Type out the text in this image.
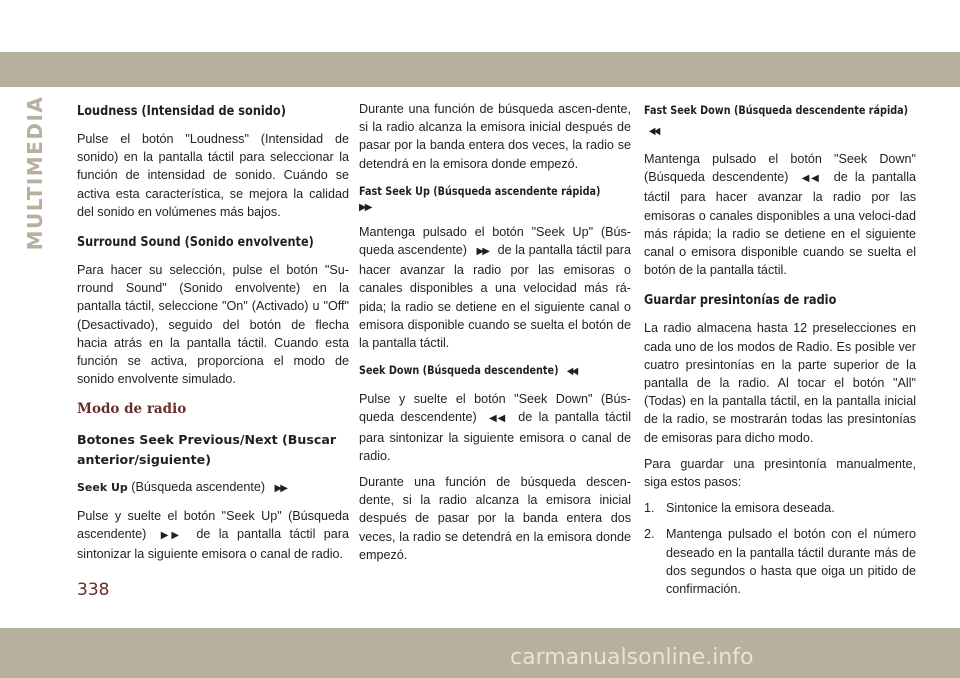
MULTIMEDIA Loudness (Intensidad de sonido)

Pulse el botón "Loudness" (Intensidad de sonido) en la pantalla táctil para seleccionar la función de intensidad de sonido. Cuándo se activa esta característica, se mejora la calidad del sonido en volúmenes más bajos.

Surround Sound (Sonido envolvente)

Para hacer su selección, pulse el botón "Su-rround Sound" (Sonido envolvente) en la pantalla táctil, seleccione "On" (Activado) u "Off" (Desactivado), seguido del botón de flecha hacia atrás en la pantalla táctil. Cuando esta función se activa, proporciona el modo de sonido envolvente simulado.

Modo de radio
Botones Seek Previous/Next (Buscar anterior/siguiente)

Seek Up (Búsqueda ascendente) ▶▶

Pulse y suelte el botón "Seek Up" (Búsqueda ascendente) ▶▶ de la pantalla táctil para sintonizar la siguiente emisora o canal de radio.

Durante una función de búsqueda ascen-dente, si la radio alcanza la emisora inicial después de pasar por la banda entera dos veces, la radio se detendrá en la emisora donde empezó.

Fast Seek Up (Búsqueda ascendente rápida)
▶▶

Mantenga pulsado el botón "Seek Up" (Bús-queda ascendente) ▶▶ de la pantalla táctil para hacer avanzar la radio por las emisoras o canales disponibles a una velocidad más rá-pida; la radio se detiene en el siguiente canal o emisora disponible cuando se suelta el botón de la pantalla táctil.

Seek Down (Búsqueda descendente) ◀◀

Pulse y suelte el botón "Seek Down" (Bús-queda descendente) ◀◀ de la pantalla táctil para sintonizar la siguiente emisora o canal de radio.

Durante una función de búsqueda descen-dente, si la radio alcanza la emisora inicial después de pasar por la banda entera dos veces, la radio se detendrá en la emisora donde empezó.

Fast Seek Down (Búsqueda descendente rápida) ◀◀

Mantenga pulsado el botón "Seek Down" (Búsqueda descendente) ◀◀ de la pantalla táctil para hacer avanzar la radio por las emisoras o canales disponibles a una veloci-dad más rápida; la radio se detiene en el siguiente canal o emisora disponible cuando se suelta el botón de la pantalla táctil.

Guardar presintonías de radio

La radio almacena hasta 12 preselecciones en cada uno de los modos de Radio. Es posible ver cuatro presintonías en la parte superior de la pantalla de la radio. Al tocar el botón "All" (Todas) en la pantalla táctil, en la pantalla inicial de la radio, se mostrarán todas las presintonías de emisoras para dicho modo.

Para guardar una presintonía manualmente, siga estos pasos:

1. Sintonice la emisora deseada.
2. Mantenga pulsado el botón con el número deseado en la pantalla táctil durante más de dos segundos o hasta que oiga un pitido de confirmación.
338
carmanualsonline.info
